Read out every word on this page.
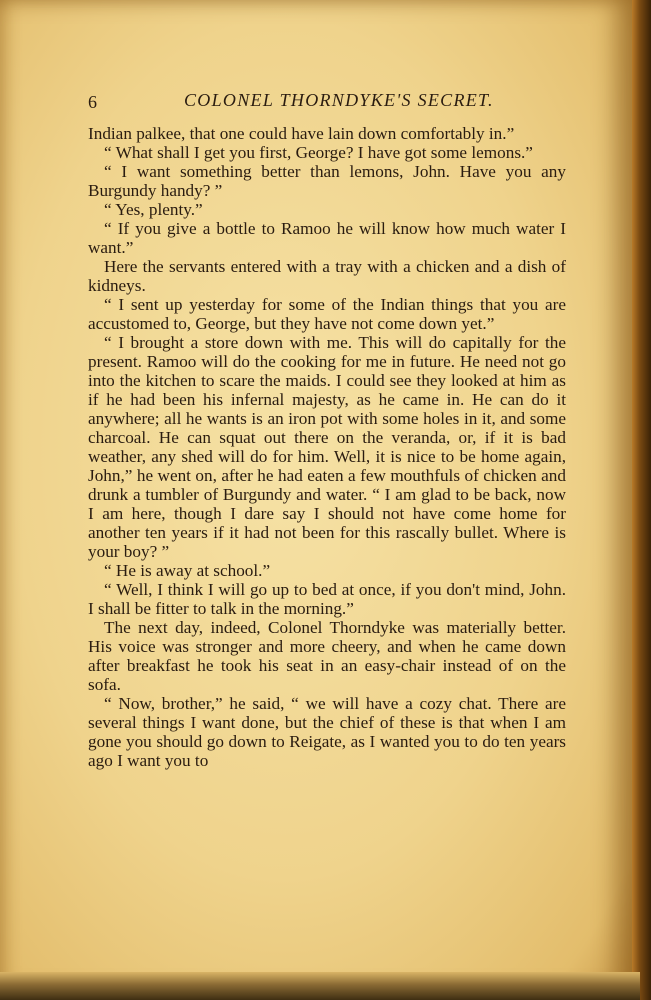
6	COLONEL THORNDYKE'S SECRET.

Indian palkee, that one could have lain down comfortably in.”

“ What shall I get you first, George? I have got some lemons.”

“ I want something better than lemons, John. Have you any Burgundy handy? ”

“ Yes, plenty.”

“ If you give a bottle to Ramoo he will know how much water I want.”

Here the servants entered with a tray with a chicken and a dish of kidneys.

“ I sent up yesterday for some of the Indian things that you are accustomed to, George, but they have not come down yet.”

“ I brought a store down with me. This will do capitally for the present. Ramoo will do the cooking for me in future. He need not go into the kitchen to scare the maids. I could see they looked at him as if he had been his infernal majesty, as he came in. He can do it anywhere; all he wants is an iron pot with some holes in it, and some charcoal. He can squat out there on the veranda, or, if it is bad weather, any shed will do for him. Well, it is nice to be home again, John,” he went on, after he had eaten a few mouthfuls of chicken and drunk a tumbler of Burgundy and water. “ I am glad to be back, now I am here, though I dare say I should not have come home for another ten years if it had not been for this rascally bullet. Where is your boy? ”

“ He is away at school.”

“ Well, I think I will go up to bed at once, if you don't mind, John. I shall be fitter to talk in the morning.”

The next day, indeed, Colonel Thorndyke was materially better. His voice was stronger and more cheery, and when he came down after breakfast he took his seat in an easy-chair instead of on the sofa.

“ Now, brother,” he said, “ we will have a cozy chat. There are several things I want done, but the chief of these is that when I am gone you should go down to Reigate, as I wanted you to do ten years ago I want you to
